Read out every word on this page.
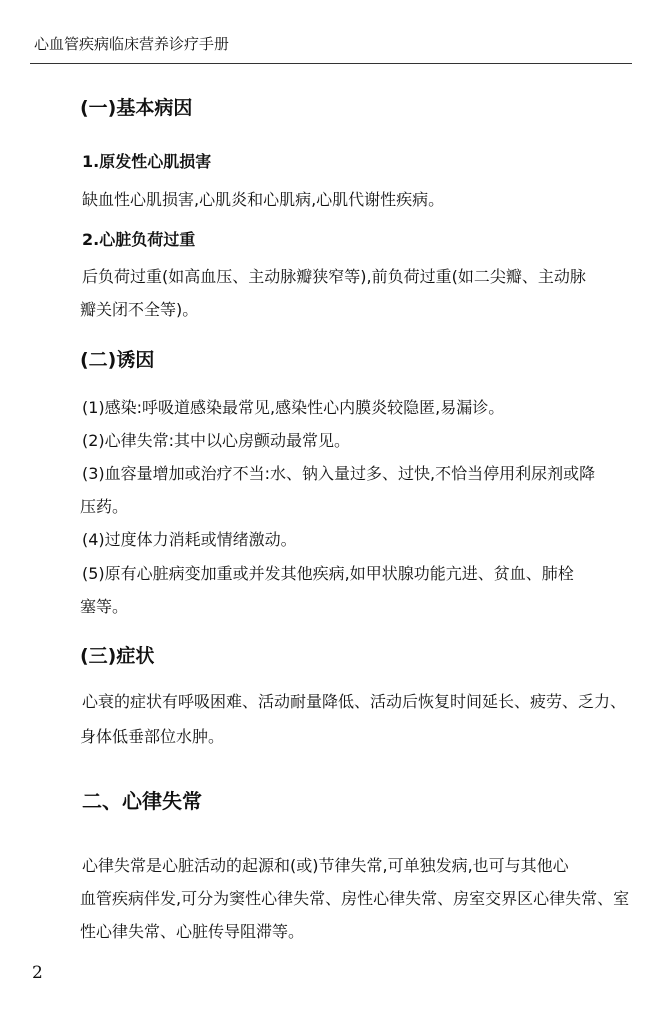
心血管疾病临床营养诊疗手册
(一)基本病因
1.原发性心肌损害
缺血性心肌损害,心肌炎和心肌病,心肌代谢性疾病。
2.心脏负荷过重
后负荷过重(如高血压、主动脉瓣狭窄等),前负荷过重(如二尖瓣、主动脉
瓣关闭不全等)。
(二)诱因
(1)感染:呼吸道感染最常见,感染性心内膜炎较隐匿,易漏诊。
(2)心律失常:其中以心房颤动最常见。
(3)血容量增加或治疗不当:水、钠入量过多、过快,不恰当停用利尿剂或降
压药。
(4)过度体力消耗或情绪激动。
(5)原有心脏病变加重或并发其他疾病,如甲状腺功能亢进、贫血、肺栓
塞等。
(三)症状
心衰的症状有呼吸困难、活动耐量降低、活动后恢复时间延长、疲劳、乏力、
身体低垂部位水肿。
二、心律失常
心律失常是心脏活动的起源和(或)节律失常,可单独发病,也可与其他心
血管疾病伴发,可分为窦性心律失常、房性心律失常、房室交界区心律失常、室
性心律失常、心脏传导阻滞等。
2
